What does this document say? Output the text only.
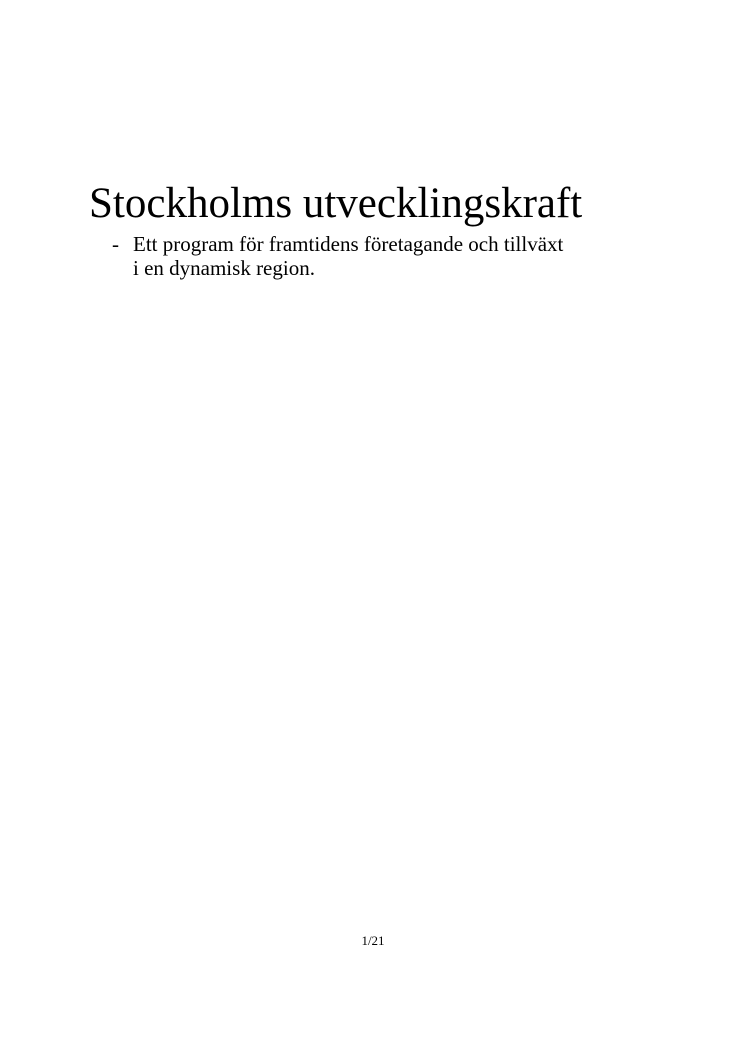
Stockholms utvecklingskraft
- Ett program för framtidens företagande och tillväxt
i en dynamisk region.
1/21
